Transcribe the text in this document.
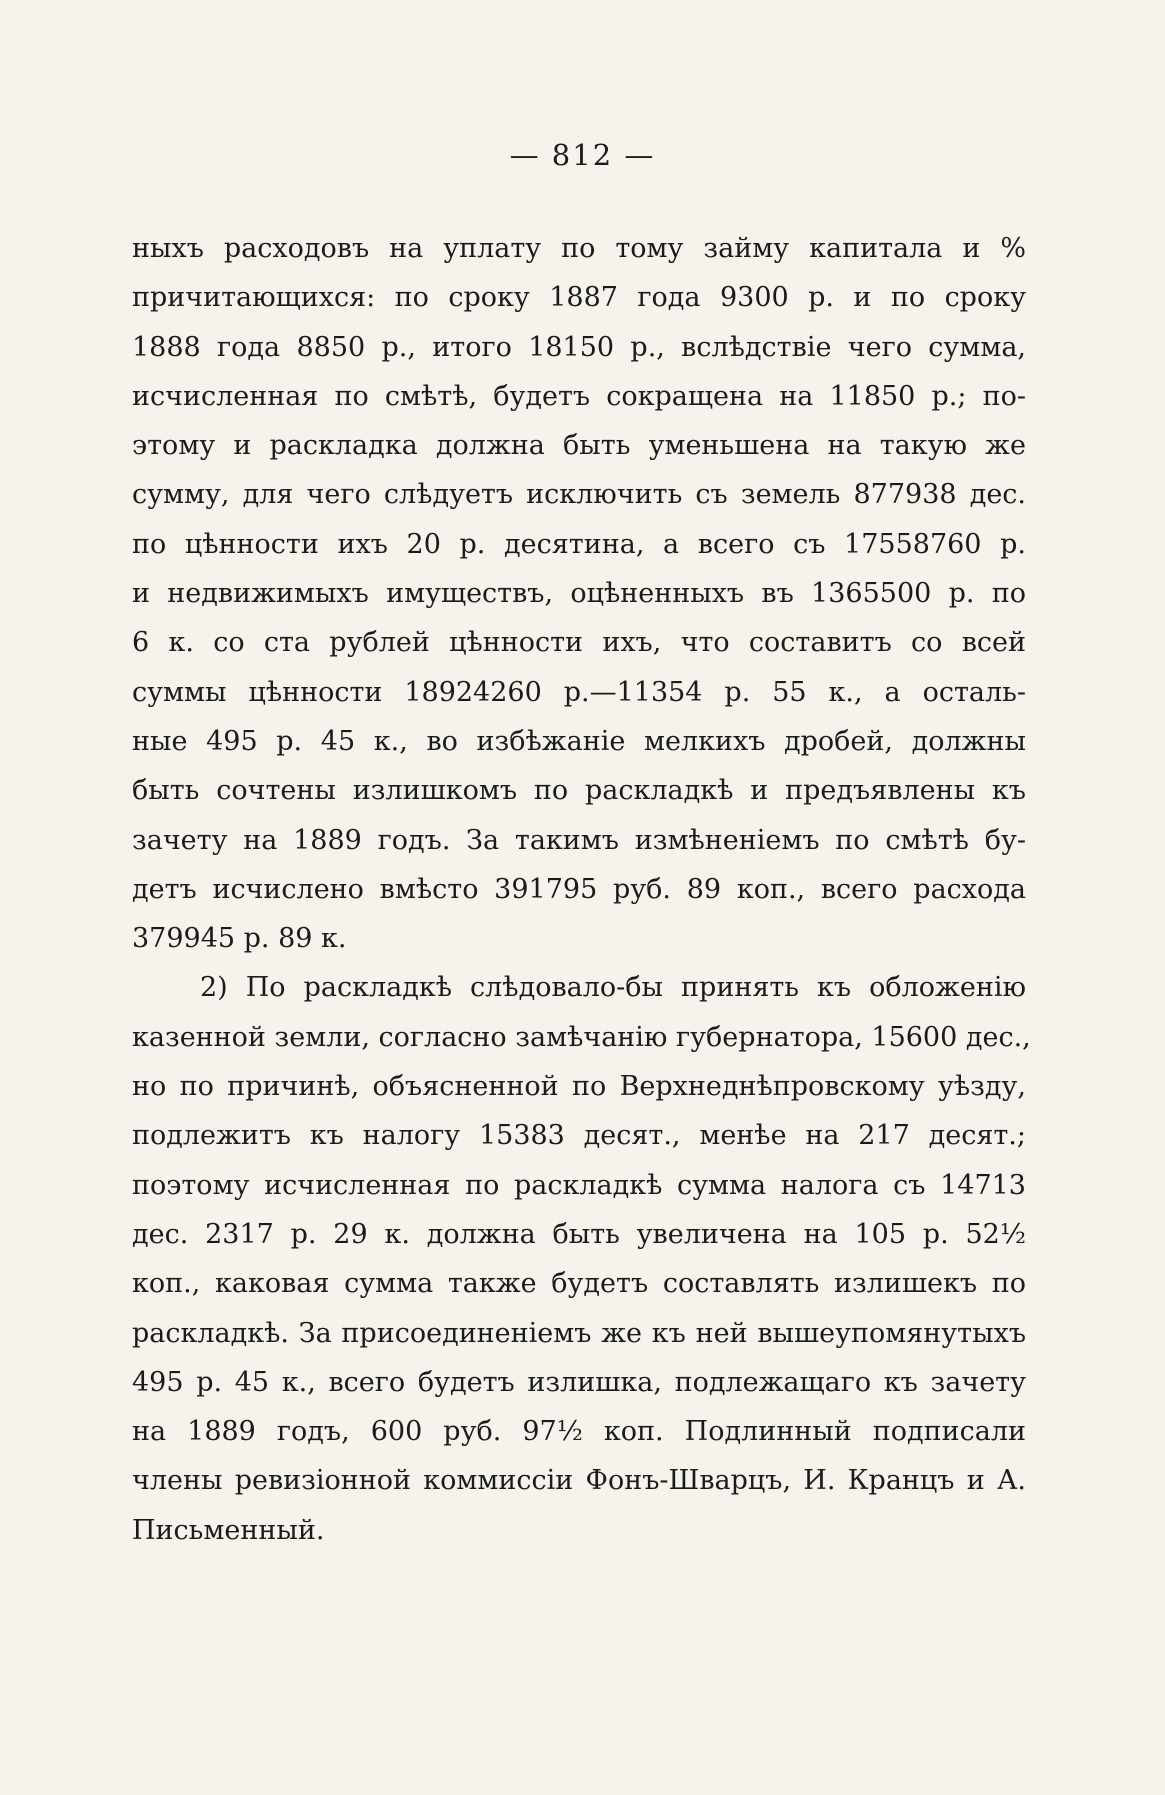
— 812 —
ныхъ расходовъ на уплату по тому займу капитала и %
причитающихся: по сроку 1887 года 9300 р. и по сроку
1888 года 8850 р., итого 18150 р., вслѣдствіе чего сумма,
исчисленная по смѣтѣ, будетъ сокращена на 11850 р.; по-
этому и раскладка должна быть уменьшена на такую же
сумму, для чего слѣдуетъ исключить съ земель 877938 дес.
по цѣнности ихъ 20 р. десятина, а всего съ 17558760 р.
и недвижимыхъ имуществъ, оцѣненныхъ въ 1365500 р. по
6 к. со ста рублей цѣнности ихъ, что составитъ со всей
суммы цѣнности 18924260 р.—11354 р. 55 к., а осталь-
ные 495 р. 45 к., во избѣжаніе мелкихъ дробей, должны
быть сочтены излишкомъ по раскладкѣ и предъявлены къ
зачету на 1889 годъ. За такимъ измѣненіемъ по смѣтѣ бу-
детъ исчислено вмѣсто 391795 руб. 89 коп., всего расхода
379945 р. 89 к.
2) По раскладкѣ слѣдовало-бы принять къ обложенію
казенной земли, согласно замѣчанію губернатора, 15600 дес.,
но по причинѣ, объясненной по Верхнеднѣпровскому уѣзду,
подлежитъ къ налогу 15383 десят., менѣе на 217 десят.;
поэтому исчисленная по раскладкѣ сумма налога съ 14713
дес. 2317 р. 29 к. должна быть увеличена на 105 р. 52½
коп., каковая сумма также будетъ составлять излишекъ по
раскладкѣ. За присоединеніемъ же къ ней вышеупомянутыхъ
495 р. 45 к., всего будетъ излишка, подлежащаго къ зачету
на 1889 годъ, 600 руб. 97½ коп. Подлинный подписали
члены ревизіонной коммиссіи Фонъ-Шварцъ, И. Кранцъ и А.
Письменный.
